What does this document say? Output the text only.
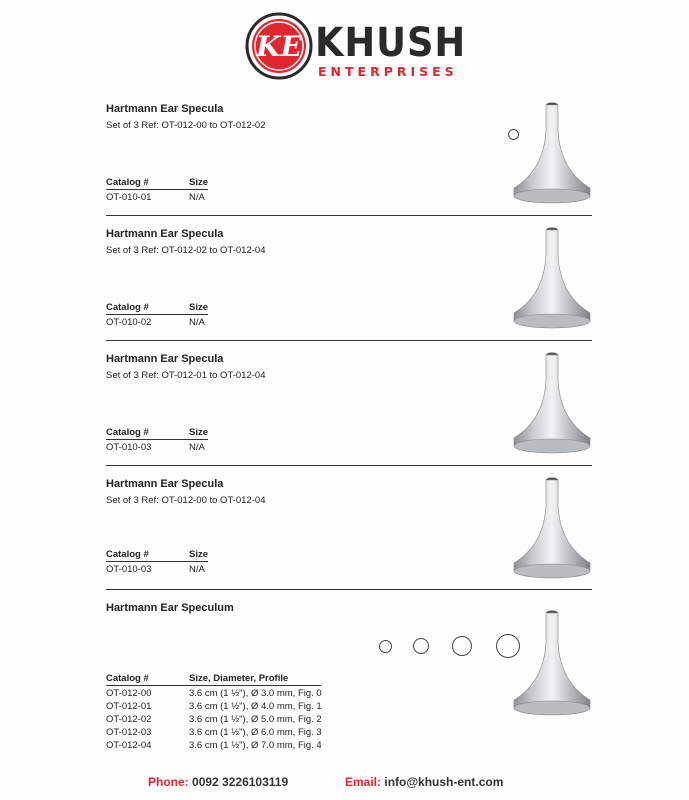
KE KHUSH
ENTERPRISES
Hartmann Ear Specula
Set of 3 Ref: OT-012-00 to OT-012-02
Catalog #	Size
OT-010-01	N/A
Hartmann Ear Specula
Set of 3 Ref: OT-012-02 to OT-012-04
Catalog #	Size
OT-010-02	N/A
Hartmann Ear Specula
Set of 3 Ref: OT-012-01 to OT-012-04
Catalog #	Size
OT-010-03	N/A
Hartmann Ear Specula
Set of 3 Ref: OT-012-00 to OT-012-04
Catalog #	Size
OT-010-03	N/A
Hartmann Ear Speculum
Catalog #	Size, Diameter, Profile
OT-012-00	3.6 cm (1 ½"), Ø 3.0 mm, Fig. 0
OT-012-01	3.6 cm (1 ½"), Ø 4.0 mm, Fig. 1
OT-012-02	3.6 cm (1 ½"), Ø 5.0 mm, Fig. 2
OT-012-03	3.6 cm (1 ½"), Ø 6.0 mm, Fig. 3
OT-012-04	3.6 cm (1 ½"), Ø 7.0 mm, Fig. 4
Phone: 0092 3226103119	Email: info@khush-ent.com
